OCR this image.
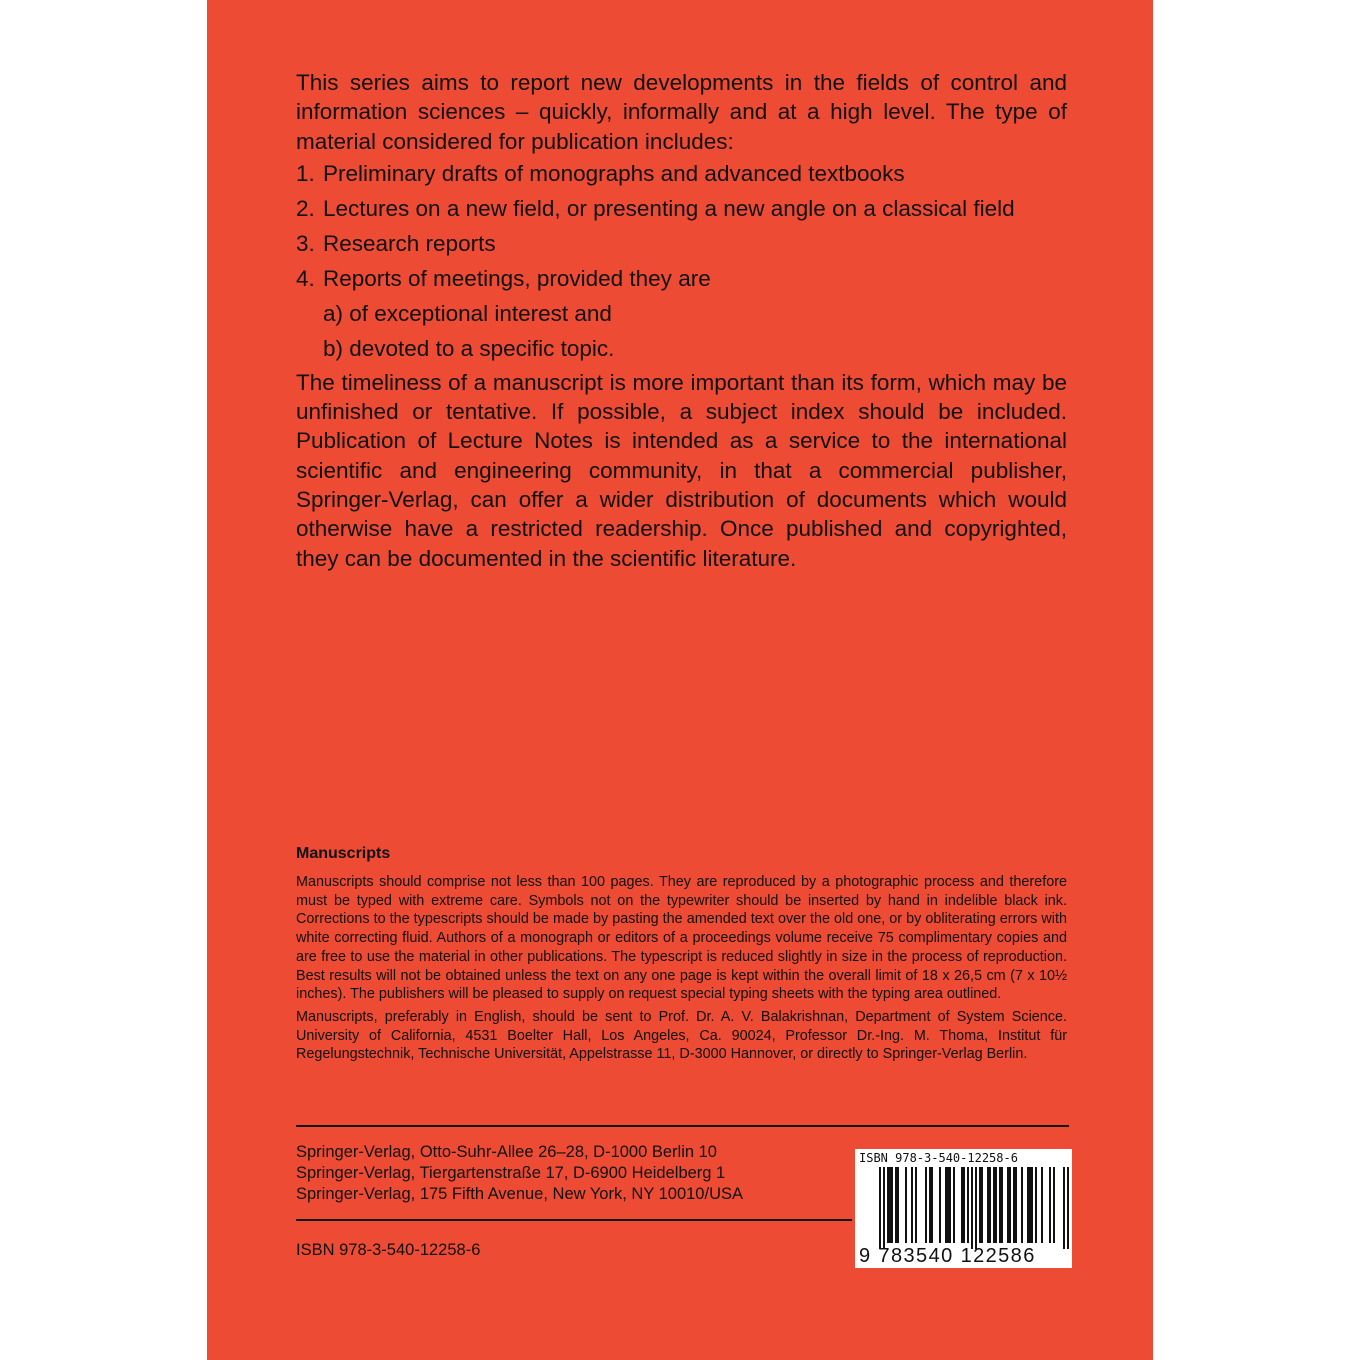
This series aims to report new developments in the fields of control and information sciences – quickly, informally and at a high level. The type of material considered for publication includes:

1. Preliminary drafts of monographs and advanced textbooks
2. Lectures on a new field, or presenting a new angle on a classical field
3. Research reports
4. Reports of meetings, provided they are
a) of exceptional interest and
b) devoted to a specific topic.

The timeliness of a manuscript is more important than its form, which may be unfinished or tentative. If possible, a subject index should be included. Publication of Lecture Notes is intended as a service to the international scientific and engineering community, in that a commercial publisher, Springer-Verlag, can offer a wider distribution of documents which would otherwise have a restricted readership. Once published and copyrighted, they can be documented in the scientific literature.

Manuscripts

Manuscripts should comprise not less than 100 pages. They are reproduced by a photographic process and therefore must be typed with extreme care. Symbols not on the typewriter should be inserted by hand in indelible black ink. Corrections to the typescripts should be made by pasting the amended text over the old one, or by obliterating errors with white correcting fluid. Authors of a monograph or editors of a proceedings volume receive 75 complimentary copies and are free to use the material in other publications. The typescript is reduced slightly in size in the process of reproduction. Best results will not be obtained unless the text on any one page is kept within the overall limit of 18 x 26,5 cm (7 x 10½ inches). The publishers will be pleased to supply on request special typing sheets with the typing area outlined.

Manuscripts, preferably in English, should be sent to Prof. Dr. A. V. Balakrishnan, Department of System Science. University of California, 4531 Boelter Hall, Los Angeles, Ca. 90024, Professor Dr.-Ing. M. Thoma, Institut für Regelungstechnik, Technische Universität, Appelstrasse 11, D-3000 Hannover, or directly to Springer-Verlag Berlin.

Springer-Verlag, Otto-Suhr-Allee 26–28, D-1000 Berlin 10
Springer-Verlag, Tiergartenstraße 17, D-6900 Heidelberg 1
Springer-Verlag, 175 Fifth Avenue, New York, NY 10010/USA
ISBN 978-3-540-12258-6
ISBN 978-3-540-12258-6
9 783540 122586
